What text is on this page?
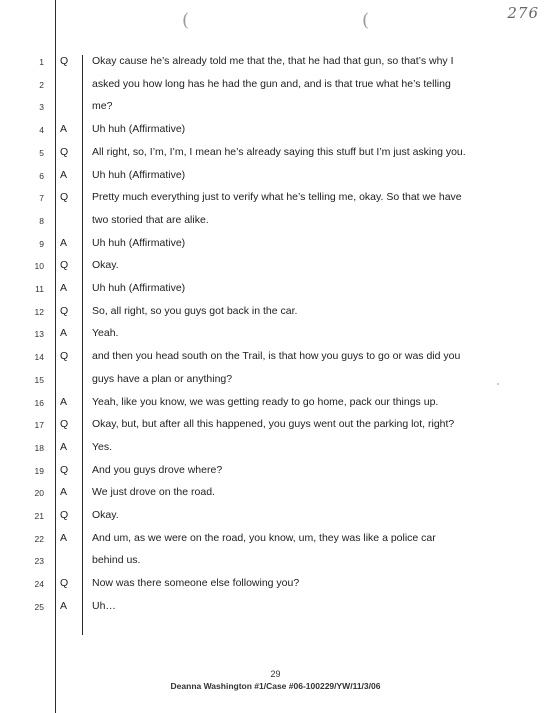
(	(	276
1 Q Okay cause he’s already told me that the, that he had that gun, so that’s why I
2	asked you how long has he had the gun and, and is that true what he’s telling
3	me?
4 A Uh huh (Affirmative)
5 Q All right, so, I’m, I’m, I mean he’s already saying this stuff but I’m just asking you.
6 A Uh huh (Affirmative)
7 Q Pretty much everything just to verify what he’s telling me, okay. So that we have
8	two storied that are alike.
9 A Uh huh (Affirmative)
10 Q Okay.
11 A Uh huh (Affirmative)
12 Q So, all right, so you guys got back in the car.
13 A Yeah.
14 Q and then you head south on the Trail, is that how you guys to go or was did you
15	guys have a plan or anything?
16 A Yeah, like you know, we was getting ready to go home, pack our things up.
17 Q Okay, but, but after all this happened, you guys went out the parking lot, right?
18 A Yes.
19 Q And you guys drove where?
20 A We just drove on the road.
21 Q Okay.
22 A And um, as we were on the road, you know, um, they was like a police car
23	behind us.
24 Q Now was there someone else following you?
25 A Uh…
29
Deanna Washington #1/Case #06-100229/YW/11/3/06
